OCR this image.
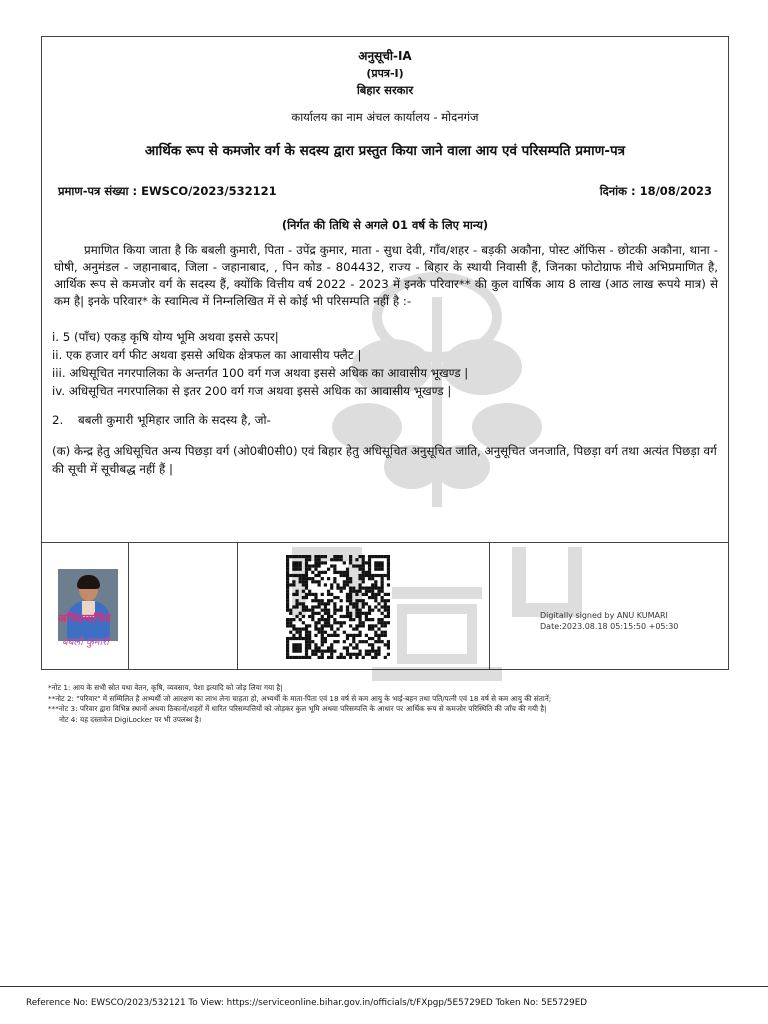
अनुसूची-IA
(प्रपत्र-I)
बिहार सरकार
कार्यालय का नाम अंचल कार्यालय - मोदनगंज
आर्थिक रूप से कमजोर वर्ग के सदस्य द्वारा प्रस्तुत किया जाने वाला आय एवं परिसम्पति प्रमाण-पत्र
प्रमाण-पत्र संख्या : EWSCO/2023/532121	दिनांक : 18/08/2023
(निर्गत की तिथि से अगले 01 वर्ष के लिए मान्य)
प्रमाणित किया जाता है कि बबली कुमारी, पिता - उपेंद्र कुमार, माता - सुधा देवी, गाँव/शहर - बड़की अकौना, पोस्ट ऑफिस - छोटकी अकौना, थाना - घोषी, अनुमंडल - जहानाबाद, जिला - जहानाबाद, , पिन कोड - 804432, राज्य - बिहार के स्थायी निवासी हैं, जिनका फोटोग्राफ नीचे अभिप्रमाणित है, आर्थिक रूप से कमजोर वर्ग के सदस्य हैं, क्योंकि वित्तीय वर्ष 2022 - 2023 में इनके परिवार** की कुल वार्षिक आय 8 लाख (आठ लाख रूपये मात्र) से कम है| इनके परिवार* के स्वामित्व में निम्नलिखित में से कोई भी परिसम्पति नहीं है :-
i. 5 (पाँच) एकड़ कृषि योग्य भूमि अथवा इससे ऊपर|
ii. एक हजार वर्ग फीट अथवा इससे अधिक क्षेत्रफल का आवासीय फ्लैट |
iii. अधिसूचित नगरपालिका के अन्तर्गत 100 वर्ग गज अथवा इससे अधिक का आवासीय भूखण्ड |
iv. अधिसूचित नगरपालिका से इतर 200 वर्ग गज अथवा इससे अधिक का आवासीय भूखण्ड |
2. बबली कुमारी भूमिहार जाति के सदस्य है, जो-
(क) केन्द्र हेतु अधिसूचित अन्य पिछड़ा वर्ग (ओ0बी0सी0) एवं बिहार हेतु अधिसूचित अनुसूचित जाति, अनुसूचित जनजाति, पिछड़ा वर्ग तथा अत्यंत पिछड़ा वर्ग की सूची में सूचीबद्ध नहीं हैं |
अभिप्रमाणित
बबली कुमारी
Digitally signed by ANU KUMARI
Date:2023.08.18 05:15:50 +05:30
*नोट 1: आय के सभी स्रोत यथा वेतन, कृषि, व्यवसाय, पेशा इत्यादि को जोड़ लिया गया है|
**नोट 2: "परिवार" में सम्मिलित है अभ्यर्थी जो आरक्षण का लाभ लेना चाहता हो, अभ्यर्थी के माता-पिता एवं 18 वर्ष से कम आयु के भाई-बहन तथा पति/पत्नी एवं 18 वर्ष से कम आयु की संतानें;
***नोट 3: परिवार द्वारा विभिन्न स्थानों अथवा ठिकानों/शहरों में धारित परिसम्पत्तियों को जोड़कर कुल भूमि अथवा परिसम्पत्ति के आधार पर आर्थिक रूप से कमजोर परिस्थिति की जाँच की गयी है|
नोट 4: यह दस्तावेज DigiLocker पर भी उपलब्ध है।
Reference No: EWSCO/2023/532121 To View: https://serviceonline.bihar.gov.in/officials/t/FXpgp/5E5729ED Token No: 5E5729ED
